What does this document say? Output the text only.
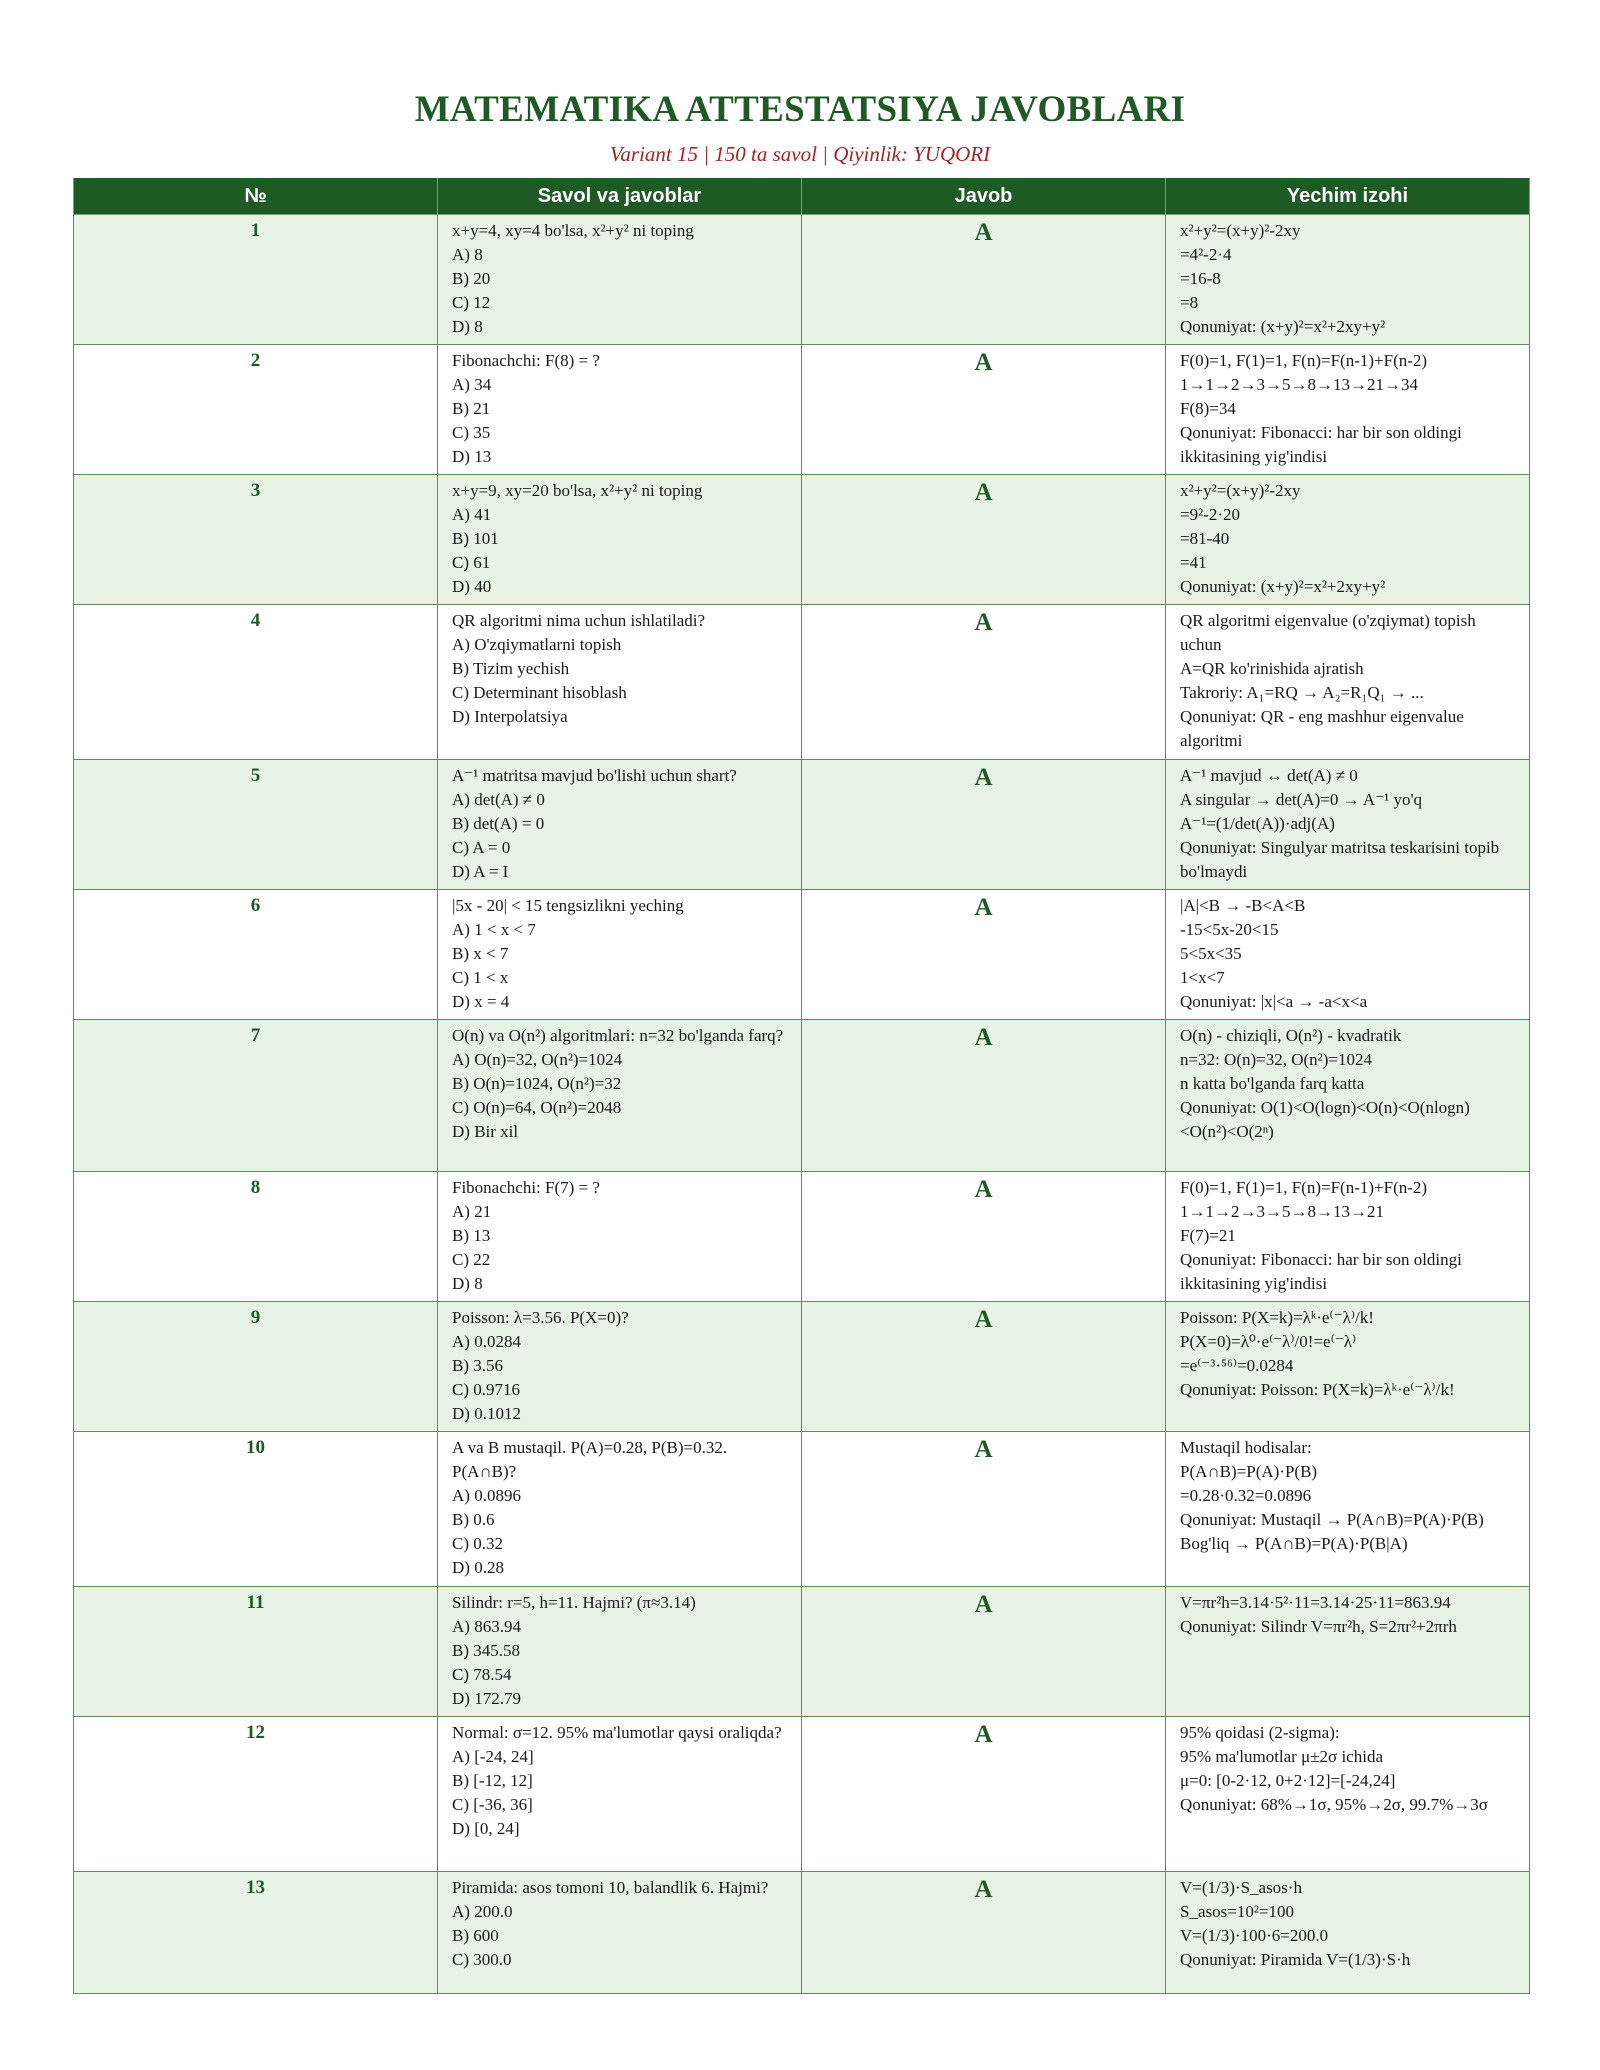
MATEMATIKA ATTESTATSIYA JAVOBLARI

Variant 15 | 150 ta savol | Qiyinlik: YUQORI

№	Savol va javoblar	Javob	Yechim izohi
1	x+y=4, xy=4 bo'lsa, x²+y² ni toping
A) 8
B) 20
C) 12
D) 8	A	x²+y²=(x+y)²-2xy
=4²-2·4
=16-8
=8
Qonuniyat: (x+y)²=x²+2xy+y²

2	Fibonachchi: F(8) = ?
A) 34
B) 21
C) 35
D) 13	A	F(0)=1, F(1)=1, F(n)=F(n-1)+F(n-2)
1→1→2→3→5→8→13→21→34
F(8)=34
Qonuniyat: Fibonacci: har bir son oldingi ikkitasining yig'indisi

3	x+y=9, xy=20 bo'lsa, x²+y² ni toping
A) 41
B) 101
C) 61
D) 40	A	x²+y²=(x+y)²-2xy
=9²-2·20
=81-40
=41
Qonuniyat: (x+y)²=x²+2xy+y²

4	QR algoritmi nima uchun ishlatiladi?
A) O'zqiymatlarni topish
B) Tizim yechish
C) Determinant hisoblash
D) Interpolatsiya	A	QR algoritmi eigenvalue (o'zqiymat) topish uchun
A=QR ko'rinishida ajratish
Takroriy: A₁=RQ → A₂=R₁Q₁ → ...
Qonuniyat: QR - eng mashhur eigenvalue algoritmi

5	A⁻¹ matritsa mavjud bo'lishi uchun shart?
A) det(A) ≠ 0
B) det(A) = 0
C) A = 0
D) A = I	A	A⁻¹ mavjud ↔ det(A) ≠ 0
A singular → det(A)=0 → A⁻¹ yo'q
A⁻¹=(1/det(A))·adj(A)
Qonuniyat: Singulyar matritsa teskarisini topib bo'lmaydi

6	|5x - 20| < 15 tengsizlikni yeching
A) 1 < x < 7
B) x < 7
C) 1 < x
D) x = 4	A	|A|<B → -B<A<B
-15<5x-20<15
5<5x<35
1<x<7
Qonuniyat: |x|<a → -a<x<a

7	O(n) va O(n²) algoritmlari: n=32 bo'lganda farq?
A) O(n)=32, O(n²)=1024
B) O(n)=1024, O(n²)=32
C) O(n)=64, O(n²)=2048
D) Bir xil	A	O(n) - chiziqli, O(n²) - kvadratik
n=32: O(n)=32, O(n²)=1024
n katta bo'lganda farq katta
Qonuniyat: O(1)<O(logn)<O(n)<O(nlogn)<O(n²)<O(2ⁿ)

8	Fibonachchi: F(7) = ?
A) 21
B) 13
C) 22
D) 8	A	F(0)=1, F(1)=1, F(n)=F(n-1)+F(n-2)
1→1→2→3→5→8→13→21
F(7)=21
Qonuniyat: Fibonacci: har bir son oldingi ikkitasining yig'indisi

9	Poisson: λ=3.56. P(X=0)?
A) 0.0284
B) 3.56
C) 0.9716
D) 0.1012	A	Poisson: P(X=k)=λᵏ·e⁽⁻λ⁾/k!
P(X=0)=λ⁰·e⁽⁻λ⁾/0!=e⁽⁻λ⁾
=e⁽⁻³·⁵⁶⁾=0.0284
Qonuniyat: Poisson: P(X=k)=λᵏ·e⁽⁻λ⁾/k!

10	A va B mustaqil. P(A)=0.28, P(B)=0.32. P(A∩B)?
A) 0.0896
B) 0.6
C) 0.32
D) 0.28	A	Mustaqil hodisalar:
P(A∩B)=P(A)·P(B)
=0.28·0.32=0.0896
Qonuniyat: Mustaqil → P(A∩B)=P(A)·P(B)
Bog'liq → P(A∩B)=P(A)·P(B|A)

11	Silindr: r=5, h=11. Hajmi? (π≈3.14)
A) 863.94
B) 345.58
C) 78.54
D) 172.79	A	V=πr²h=3.14·5²·11=3.14·25·11=863.94
Qonuniyat: Silindr V=πr²h, S=2πr²+2πrh

12	Normal: σ=12. 95% ma'lumotlar qaysi oraliqda?
A) [-24, 24]
B) [-12, 12]
C) [-36, 36]
D) [0, 24]	A	95% qoidasi (2-sigma):
95% ma'lumotlar μ±2σ ichida
μ=0: [0-2·12, 0+2·12]=[-24,24]
Qonuniyat: 68%→1σ, 95%→2σ, 99.7%→3σ

13	Piramida: asos tomoni 10, balandlik 6. Hajmi?
A) 200.0
B) 600
C) 300.0	A	V=(1/3)·S_asos·h
S_asos=10²=100
V=(1/3)·100·6=200.0
Qonuniyat: Piramida V=(1/3)·S·h
